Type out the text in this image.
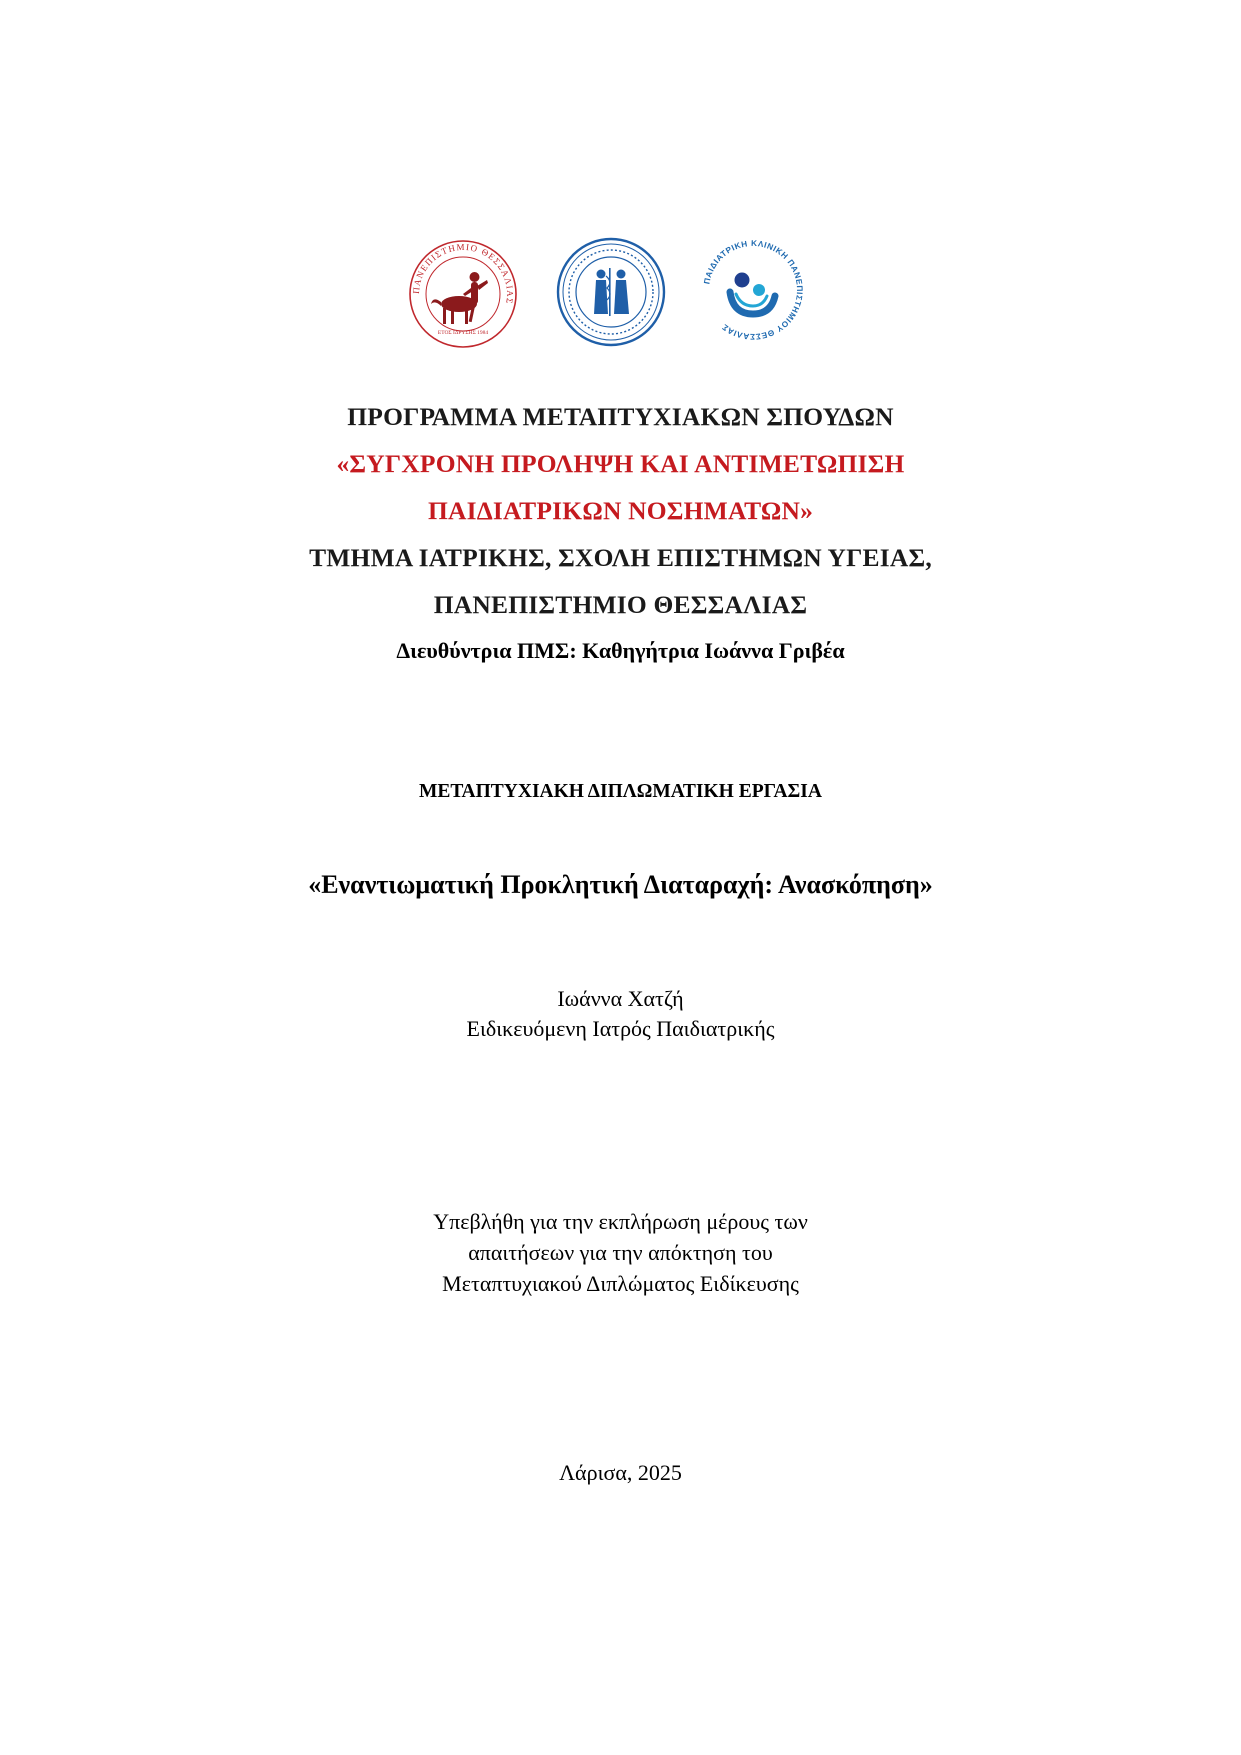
ΠΑΝΕΠΙΣΤΗΜΙΟ ΘΕΣΣΑΛΙΑΣ
ΕΤΟΣ ΙΔΡΥΣΗΣ 1984
ΠΑΙΔΙΑΤΡΙΚΗ ΚΛΙΝΙΚΗ ΠΑΝΕΠΙΣΤΗΜΙΟΥ ΘΕΣΣΑΛΙΑΣ
ΠΡΟΓΡΑΜΜΑ ΜΕΤΑΠΤΥΧΙΑΚΩΝ ΣΠΟΥΔΩΝ
«ΣΥΓΧΡΟΝΗ ΠΡΟΛΗΨΗ ΚΑΙ ΑΝΤΙΜΕΤΩΠΙΣΗ
ΠΑΙΔΙΑΤΡΙΚΩΝ ΝΟΣΗΜΑΤΩΝ»
ΤΜΗΜΑ ΙΑΤΡΙΚΗΣ, ΣΧΟΛΗ ΕΠΙΣΤΗΜΩΝ ΥΓΕΙΑΣ,
ΠΑΝΕΠΙΣΤΗΜΙΟ ΘΕΣΣΑΛΙΑΣ
Διευθύντρια ΠΜΣ: Καθηγήτρια Ιωάννα Γριβέα
ΜΕΤΑΠΤΥΧΙΑΚΗ ΔΙΠΛΩΜΑΤΙΚΗ ΕΡΓΑΣΙΑ
«Εναντιωματική Προκλητική Διαταραχή: Ανασκόπηση»
Ιωάννα Χατζή
Ειδικευόμενη Ιατρός Παιδιατρικής
Υπεβλήθη για την εκπλήρωση μέρους των
απαιτήσεων για την απόκτηση του
Μεταπτυχιακού Διπλώματος Ειδίκευσης
Λάρισα, 2025
